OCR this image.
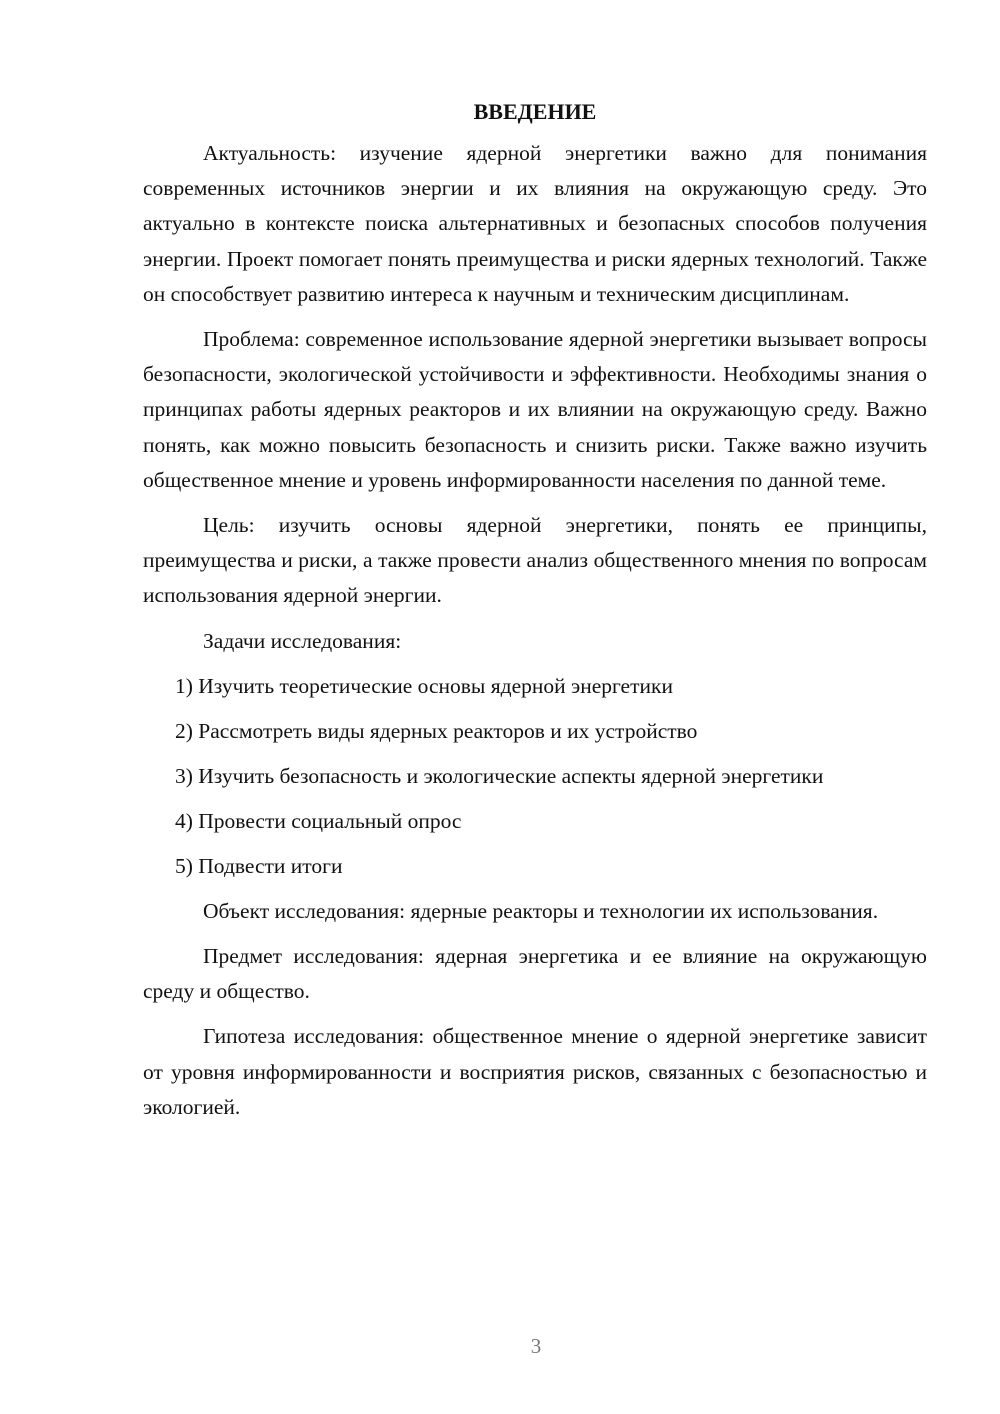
ВВЕДЕНИЕ

Актуальность: изучение ядерной энергетики важно для понимания современных источников энергии и их влияния на окружающую среду. Это актуально в контексте поиска альтернативных и безопасных способов получения энергии. Проект помогает понять преимущества и риски ядерных технологий. Также он способствует развитию интереса к научным и техническим дисциплинам.

Проблема: современное использование ядерной энергетики вызывает вопросы безопасности, экологической устойчивости и эффективности. Необходимы знания о принципах работы ядерных реакторов и их влиянии на окружающую среду. Важно понять, как можно повысить безопасность и снизить риски. Также важно изучить общественное мнение и уровень информированности населения по данной теме.

Цель: изучить основы ядерной энергетики, понять ее принципы, преимущества и риски, а также провести анализ общественного мнения по вопросам использования ядерной энергии.

Задачи исследования:

1) Изучить теоретические основы ядерной энергетики
2) Рассмотреть виды ядерных реакторов и их устройство
3) Изучить безопасность и экологические аспекты ядерной энергетики
4) Провести социальный опрос
5) Подвести итоги

Объект исследования: ядерные реакторы и технологии их использования.

Предмет исследования: ядерная энергетика и ее влияние на окружающую среду и общество.

Гипотеза исследования: общественное мнение о ядерной энергетике зависит от уровня информированности и восприятия рисков, связанных с безопасностью и экологией.

3
